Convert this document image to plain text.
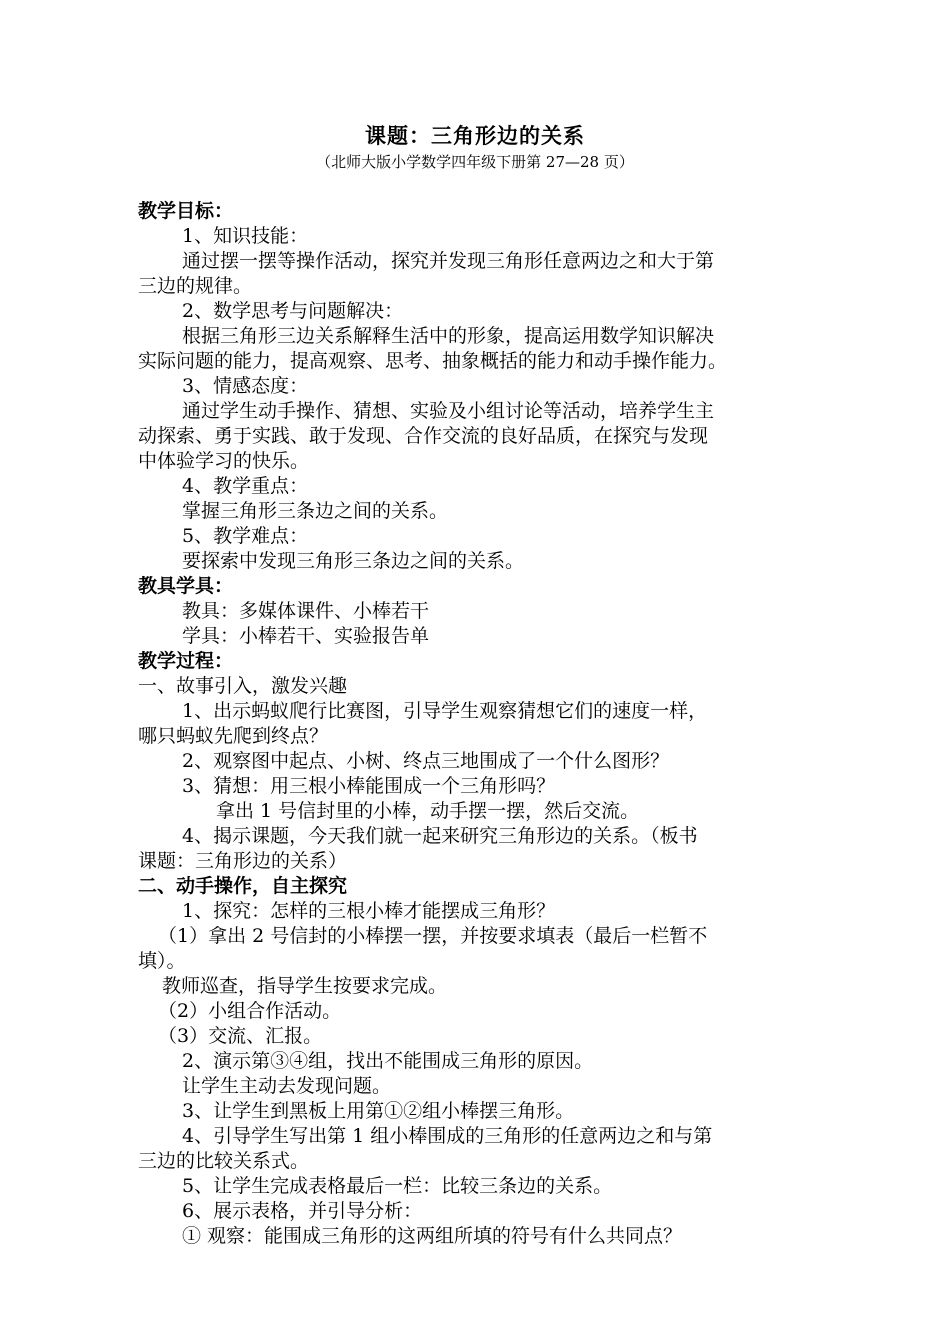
课题：三角形边的关系
（北师大版小学数学四年级下册第 27—28 页）
教学目标：
1、知识技能：
通过摆一摆等操作活动，探究并发现三角形任意两边之和大于第
三边的规律。
2、数学思考与问题解决：
根据三角形三边关系解释生活中的形象，提高运用数学知识解决
实际问题的能力，提高观察、思考、抽象概括的能力和动手操作能力。
3、情感态度：
通过学生动手操作、猜想、实验及小组讨论等活动，培养学生主
动探索、勇于实践、敢于发现、合作交流的良好品质，在探究与发现
中体验学习的快乐。
4、教学重点：
掌握三角形三条边之间的关系。
5、教学难点：
要探索中发现三角形三条边之间的关系。
教具学具：
教具：多媒体课件、小棒若干
学具：小棒若干、实验报告单
教学过程：
一、故事引入，激发兴趣
1、出示蚂蚁爬行比赛图，引导学生观察猜想它们的速度一样，
哪只蚂蚁先爬到终点？
2、观察图中起点、小树、终点三地围成了一个什么图形？
3、猜想：用三根小棒能围成一个三角形吗？
拿出 1 号信封里的小棒，动手摆一摆，然后交流。
4、揭示课题，今天我们就一起来研究三角形边的关系。（板书
课题：三角形边的关系）
二、动手操作，自主探究
1、探究：怎样的三根小棒才能摆成三角形？
（1）拿出 2 号信封的小棒摆一摆，并按要求填表（最后一栏暂不
填）。
教师巡查，指导学生按要求完成。
（2）小组合作活动。
（3）交流、汇报。
2、演示第③④组，找出不能围成三角形的原因。
让学生主动去发现问题。
3、让学生到黑板上用第①②组小棒摆三角形。
4、引导学生写出第 1 组小棒围成的三角形的任意两边之和与第
三边的比较关系式。
5、让学生完成表格最后一栏：比较三条边的关系。
6、展示表格，并引导分析：
① 观察：能围成三角形的这两组所填的符号有什么共同点？
